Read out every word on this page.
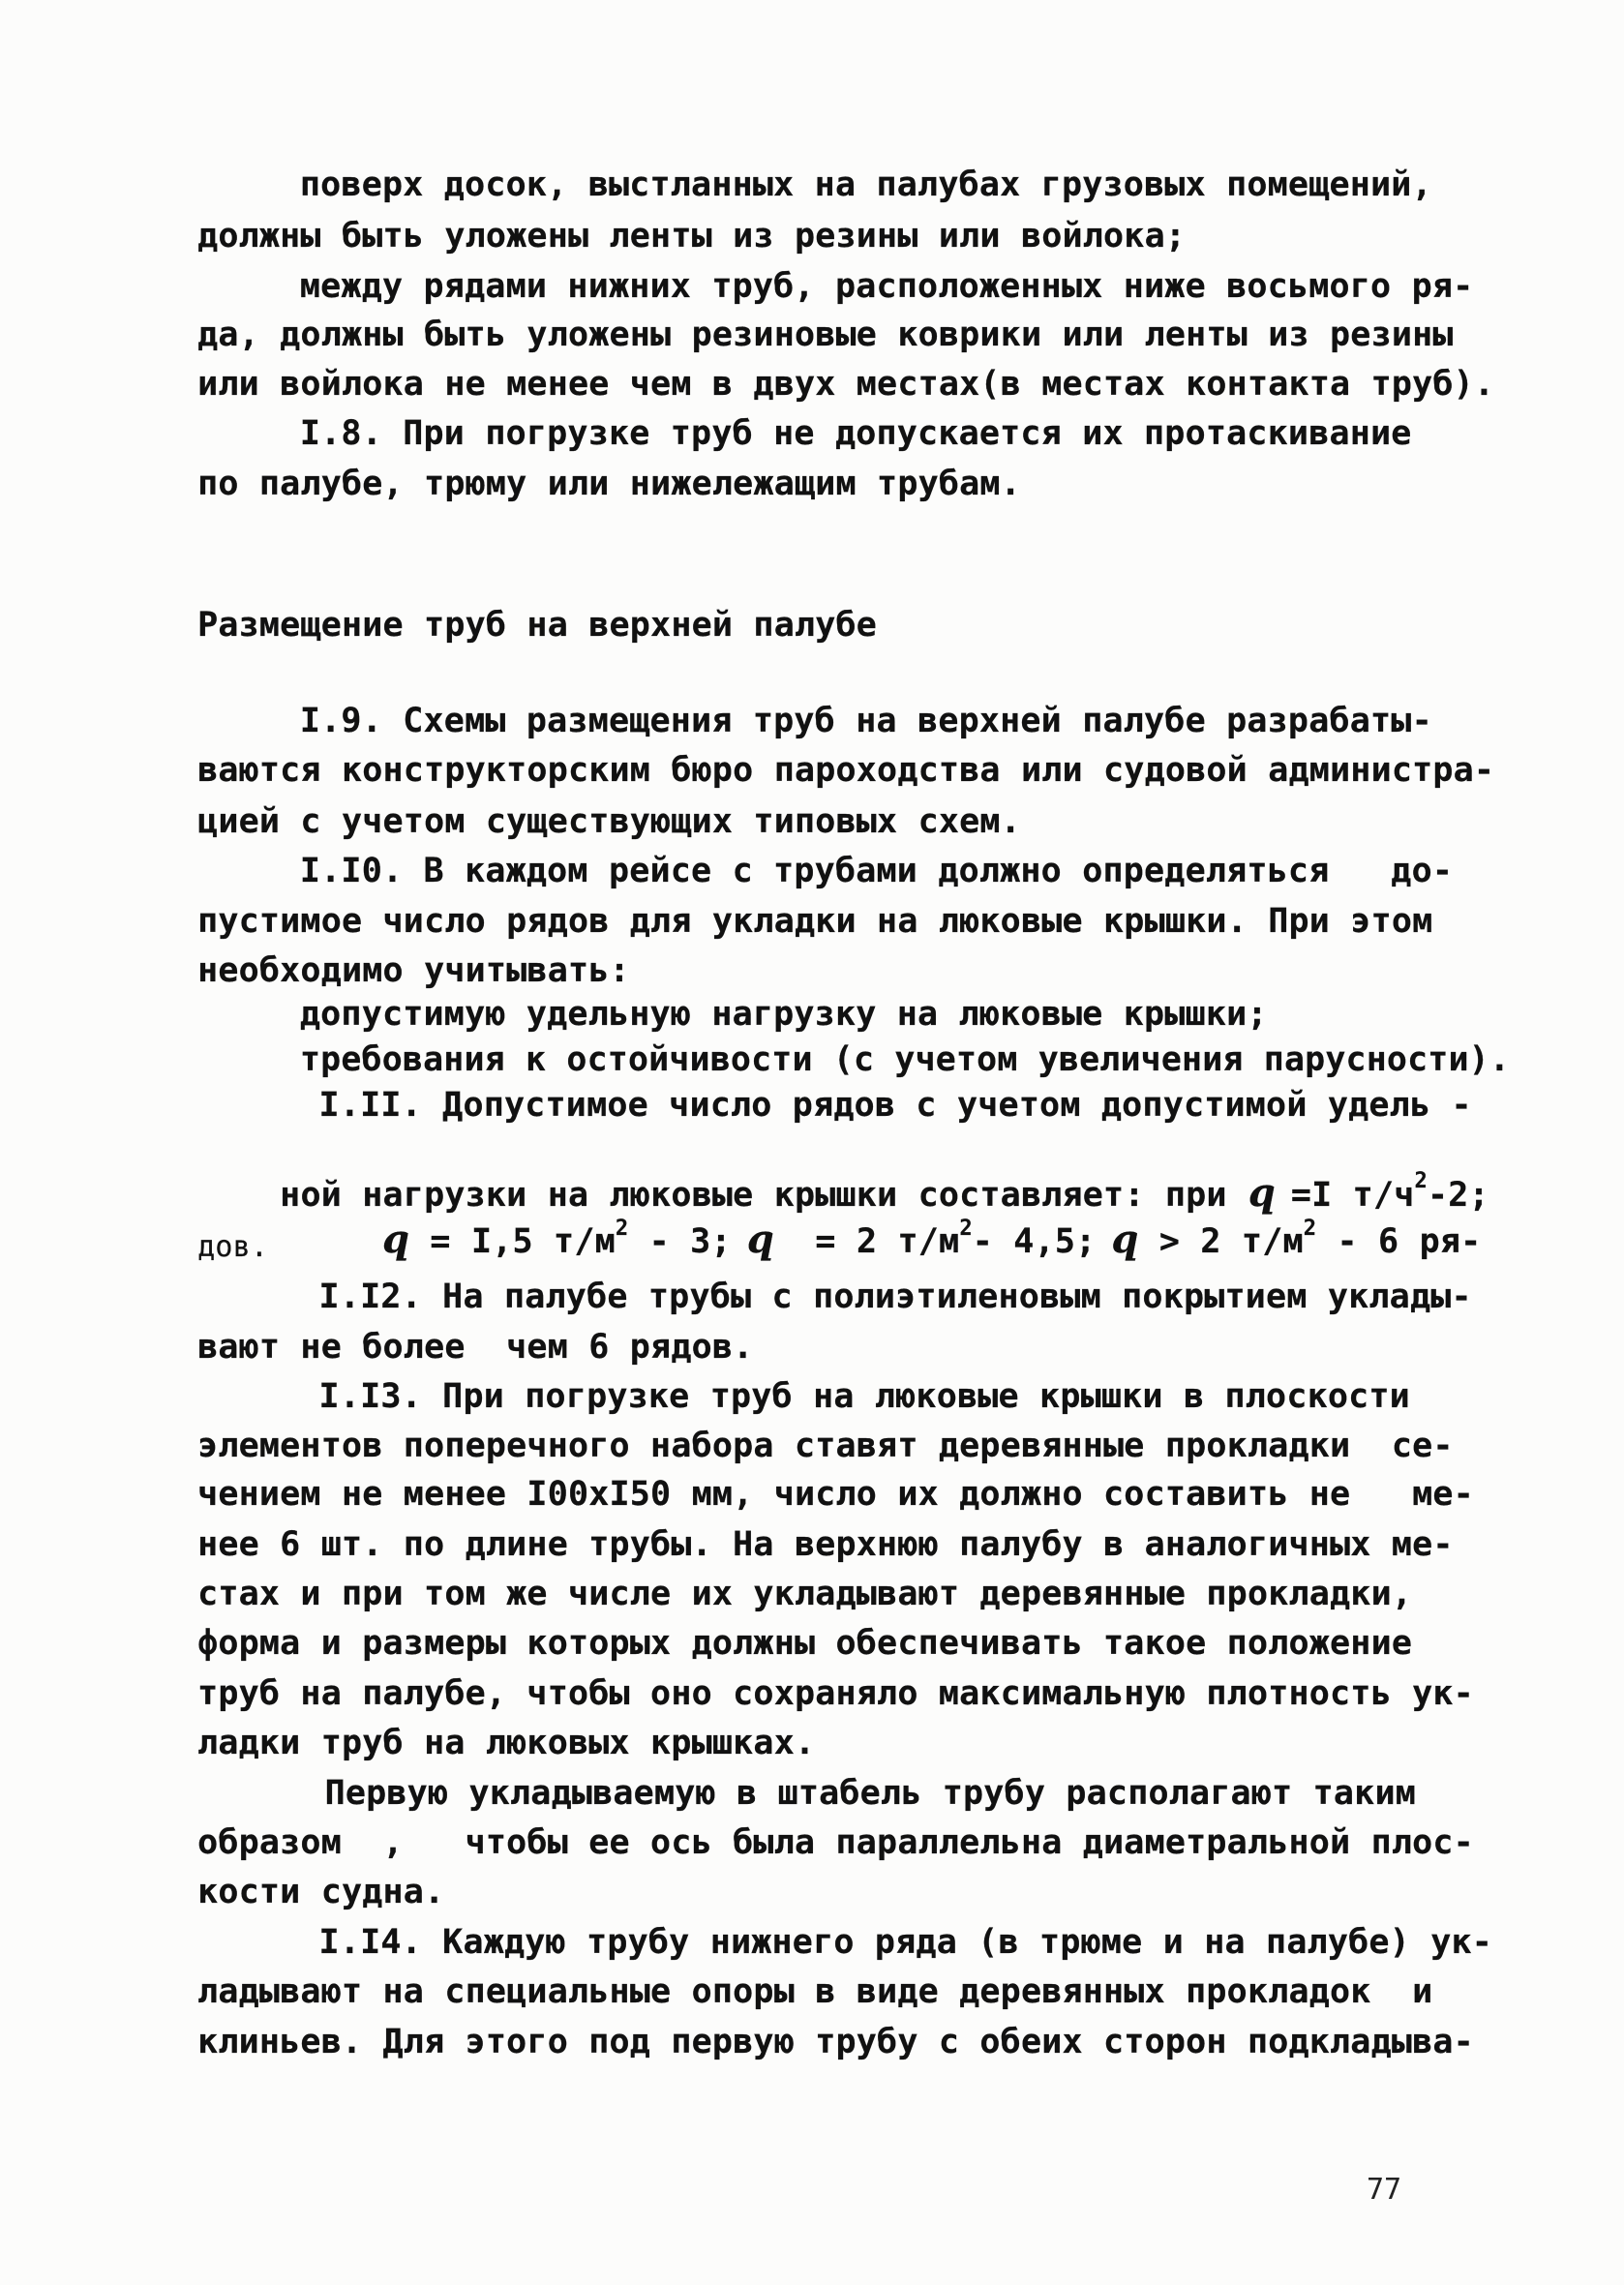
поверх досок, выстланных на палубах грузовых помещений,
должны быть уложены ленты из резины или войлока;
между рядами нижних труб, расположенных ниже восьмого ря-
да, должны быть уложены резиновые коврики или ленты из резины
или войлока не менее чем в двух местах(в местах контакта труб).
I.8. При погрузке труб не допускается их протаскивание
по палубе, трюму или нижележащим трубам.
Размещение труб на верхней палубе
I.9. Схемы размещения труб на верхней палубе разрабаты-
ваются конструкторским бюро пароходства или судовой администра-
цией с учетом существующих типовых схем.
I.I0. В каждом рейсе с трубами должно определяться   до-
пустимое число рядов для укладки на люковые крышки. При этом
необходимо учитывать:
допустимую удельную нагрузку на люковые крышки;
требования к остойчивости (с учетом увеличения парусности).
I.II. Допустимое число рядов с учетом допустимой удель -

ной нагрузки на люковые крышки составляет: при q =I $т/ч^2-2$;

q = I,5 $т/м^2 - 3$; q  = 2 $т/м^2-$ 4,5; q > 2 $т/м^2 - 6$ ря-

дов.
I.I2. На палубе трубы с полиэтиленовым покрытием уклады-
вают не более  чем 6 рядов.
I.I3. При погрузке труб на люковые крышки в плоскости
элементов поперечного набора ставят деревянные прокладки  се-
чением не менее I00xI50 мм, число их должно составить не   ме-
нее 6 шт. по длине трубы. На верхнюю палубу в аналогичных ме-
стах и при том же числе их укладывают деревянные прокладки,
форма и размеры которых должны обеспечивать такое положение
труб на палубе, чтобы оно сохраняло максимальную плотность ук-
ладки труб на люковых крышках.
Первую укладываемую в штабель трубу располагают таким
образом  ,   чтобы ее ось была параллельна диаметральной плос-
кости судна.
I.I4. Каждую трубу нижнего ряда (в трюме и на палубе) ук-
ладывают на специальные опоры в виде деревянных прокладок  и
клиньев. Для этого под первую трубу с обеих сторон подкладыва-
77
